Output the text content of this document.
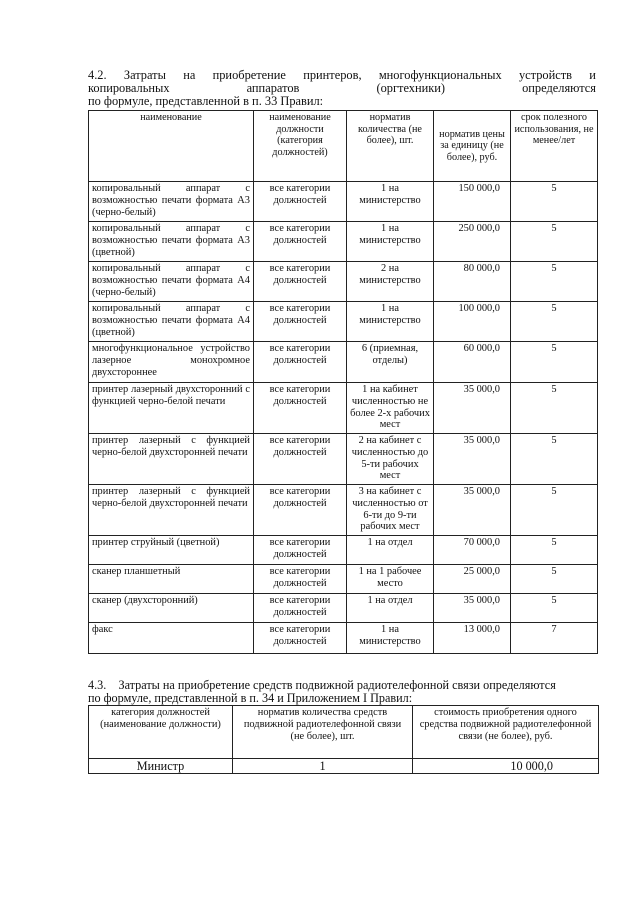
4.2. Затраты на приобретение принтеров, многофункциональных устройств и
копировальных	аппаратов	(оргтехники)	определяются
по формуле, представленной в п. 33 Правил:
наименование	наименование должности (категория должностей)	норматив количества (не более), шт.	норматив цены за единицу (не более), руб.	срок полезного использования, не менее/лет
копировальный аппарат с возможностью печати формата А3 (черно-белый)	все категории должностей	1 на министерство	150 000,0	5
копировальный аппарат с возможностью печати формата А3 (цветной)	все категории должностей	1 на министерство	250 000,0	5
копировальный аппарат с возможностью печати формата А4 (черно-белый)	все категории должностей	2 на министерство	80 000,0	5
копировальный аппарат с возможностью печати формата А4 (цветной)	все категории должностей	1 на министерство	100 000,0	5
многофункциональное устройство лазерное монохромное двухстороннее	все категории должностей	6 (приемная, отделы)	60 000,0	5
принтер лазерный двухсторонний с функцией черно-белой печати	все категории должностей	1 на кабинет численностью не более 2-х рабочих мест	35 000,0	5
принтер лазерный с функцией черно-белой двухсторонней печати	все категории должностей	2 на кабинет с численностью до 5-ти рабочих мест	35 000,0	5
принтер лазерный с функцией черно-белой двухсторонней печати	все категории должностей	3 на кабинет с численностью от 6-ти до 9-ти рабочих мест	35 000,0	5
принтер струйный (цветной)	все категории должностей	1 на отдел	70 000,0	5
сканер планшетный	все категории должностей	1 на 1 рабочее место	25 000,0	5
сканер (двухсторонний)	все категории должностей	1 на отдел	35 000,0	5
факс	все категории должностей	1 на министерство	13 000,0	7
4.3.    Затраты на приобретение средств подвижной радиотелефонной связи определяются
по формуле, представленной в п. 34 и Приложением I Правил:
категория должностей (наименование должности)	норматив количества средств подвижной радиотелефонной связи (не более), шт.	стоимость приобретения одного средства подвижной радиотелефонной связи (не более), руб.
Министр	1	10 000,0
